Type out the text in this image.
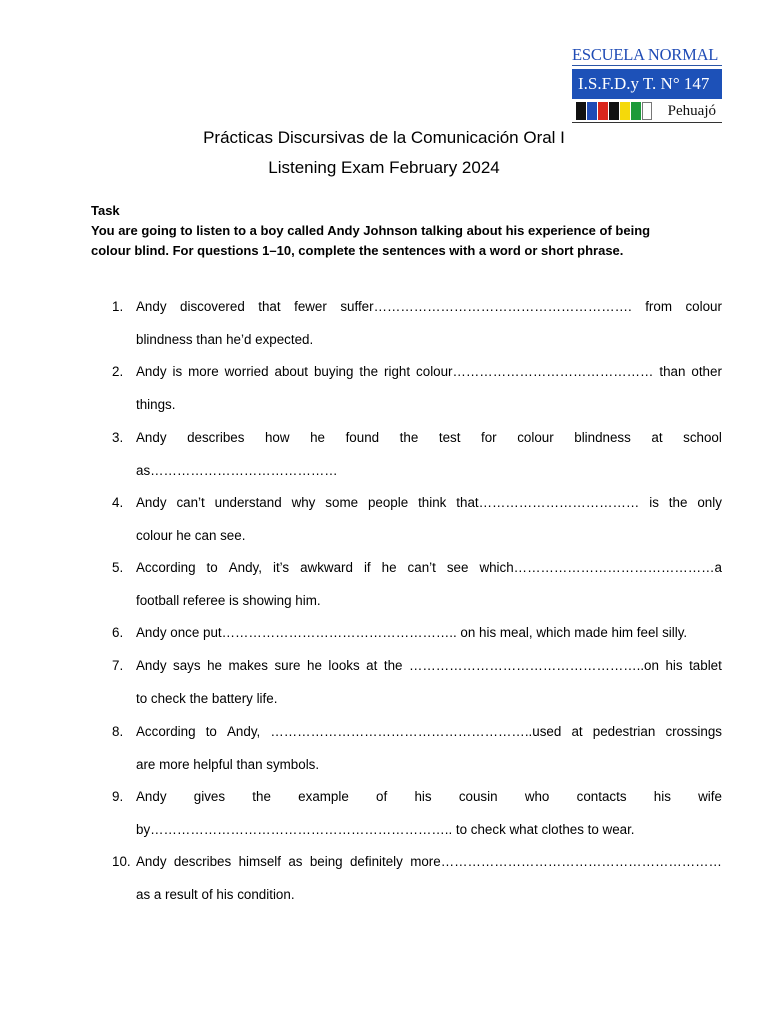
ESCUELA NORMAL
I.S.F.D.y T. N° 147
Pehuajó
Prácticas Discursivas de la Comunicación Oral I
Listening Exam February 2024
Task
You are going to listen to a boy called Andy Johnson talking about his experience of being
colour blind. For questions 1–10, complete the sentences with a word or short phrase.
1. Andy discovered that fewer suffer…………………………………………………. from colour
blindness than he’d expected.
2. Andy is more worried about buying the right colour……………………………………… than other
things.
3. Andy describes how he found the test for colour blindness at school
as……………………………………
4. Andy can’t understand why some people think that……………………………… is the only
colour he can see.
5. According to Andy, it’s awkward if he can’t see which………………………………………a
football referee is showing him.
6. Andy once put…………………………………………….. on his meal, which made him feel silly.
7. Andy says he makes sure he looks at the ……………………………………………..on his tablet
to check the battery life.
8. According to Andy, …………………………………………………..used at pedestrian crossings
are more helpful than symbols.
9. Andy gives the example of his cousin who contacts his wife
by………………………………………………………….. to check what clothes to wear.
10. Andy describes himself as being definitely more………………………………………………………
as a result of his condition.
